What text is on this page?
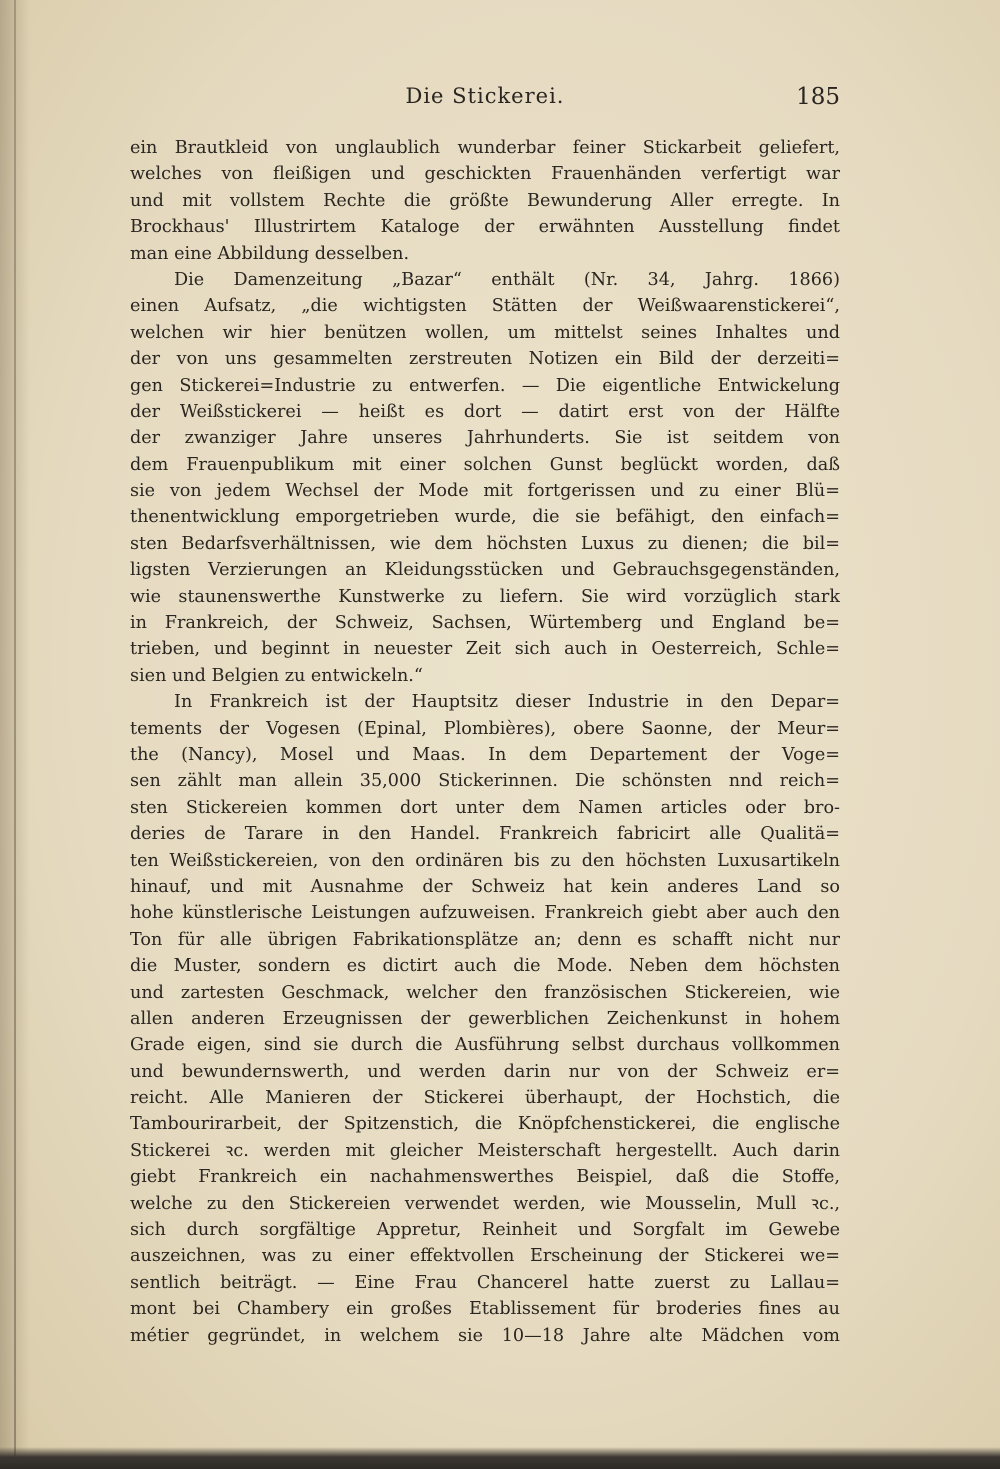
Die Stickerei.	185
ein Brautkleid von unglaublich wunderbar feiner Stickarbeit geliefert,
welches von fleißigen und geschickten Frauenhänden verfertigt war
und mit vollstem Rechte die größte Bewunderung Aller erregte. In
Brockhaus' Illustrirtem Kataloge der erwähnten Ausstellung findet
man eine Abbildung desselben.
Die Damenzeitung „Bazar“ enthält (Nr. 34, Jahrg. 1866)
einen Aufsatz, „die wichtigsten Stätten der Weißwaarenstickerei“,
welchen wir hier benützen wollen, um mittelst seines Inhaltes und
der von uns gesammelten zerstreuten Notizen ein Bild der derzeiti=
gen Stickerei=Industrie zu entwerfen. — Die eigentliche Entwickelung
der Weißstickerei — heißt es dort — datirt erst von der Hälfte
der zwanziger Jahre unseres Jahrhunderts. Sie ist seitdem von
dem Frauenpublikum mit einer solchen Gunst beglückt worden, daß
sie von jedem Wechsel der Mode mit fortgerissen und zu einer Blü=
thenentwicklung emporgetrieben wurde, die sie befähigt, den einfach=
sten Bedarfsverhältnissen, wie dem höchsten Luxus zu dienen; die bil=
ligsten Verzierungen an Kleidungsstücken und Gebrauchsgegenständen,
wie staunenswerthe Kunstwerke zu liefern. Sie wird vorzüglich stark
in Frankreich, der Schweiz, Sachsen, Würtemberg und England be=
trieben, und beginnt in neuester Zeit sich auch in Oesterreich, Schle=
sien und Belgien zu entwickeln.“
In Frankreich ist der Hauptsitz dieser Industrie in den Depar=
tements der Vogesen (Epinal, Plombières), obere Saonne, der Meur=
the (Nancy), Mosel und Maas. In dem Departement der Voge=
sen zählt man allein 35,000 Stickerinnen. Die schönsten nnd reich=
sten Stickereien kommen dort unter dem Namen articles oder bro-
deries de Tarare in den Handel. Frankreich fabricirt alle Qualitä=
ten Weißstickereien, von den ordinären bis zu den höchsten Luxusartikeln
hinauf, und mit Ausnahme der Schweiz hat kein anderes Land so
hohe künstlerische Leistungen aufzuweisen. Frankreich giebt aber auch den
Ton für alle übrigen Fabrikationsplätze an; denn es schafft nicht nur
die Muster, sondern es dictirt auch die Mode. Neben dem höchsten
und zartesten Geschmack, welcher den französischen Stickereien, wie
allen anderen Erzeugnissen der gewerblichen Zeichenkunst in hohem
Grade eigen, sind sie durch die Ausführung selbst durchaus vollkommen
und bewundernswerth, und werden darin nur von der Schweiz er=
reicht. Alle Manieren der Stickerei überhaupt, der Hochstich, die
Tambourirarbeit, der Spitzenstich, die Knöpfchenstickerei, die englische
Stickerei ꝛc. werden mit gleicher Meisterschaft hergestellt. Auch darin
giebt Frankreich ein nachahmenswerthes Beispiel, daß die Stoffe,
welche zu den Stickereien verwendet werden, wie Mousselin, Mull ꝛc.,
sich durch sorgfältige Appretur, Reinheit und Sorgfalt im Gewebe
auszeichnen, was zu einer effektvollen Erscheinung der Stickerei we=
sentlich beiträgt. — Eine Frau Chancerel hatte zuerst zu Lallau=
mont bei Chambery ein großes Etablissement für broderies fines au
métier gegründet, in welchem sie 10—18 Jahre alte Mädchen vom
